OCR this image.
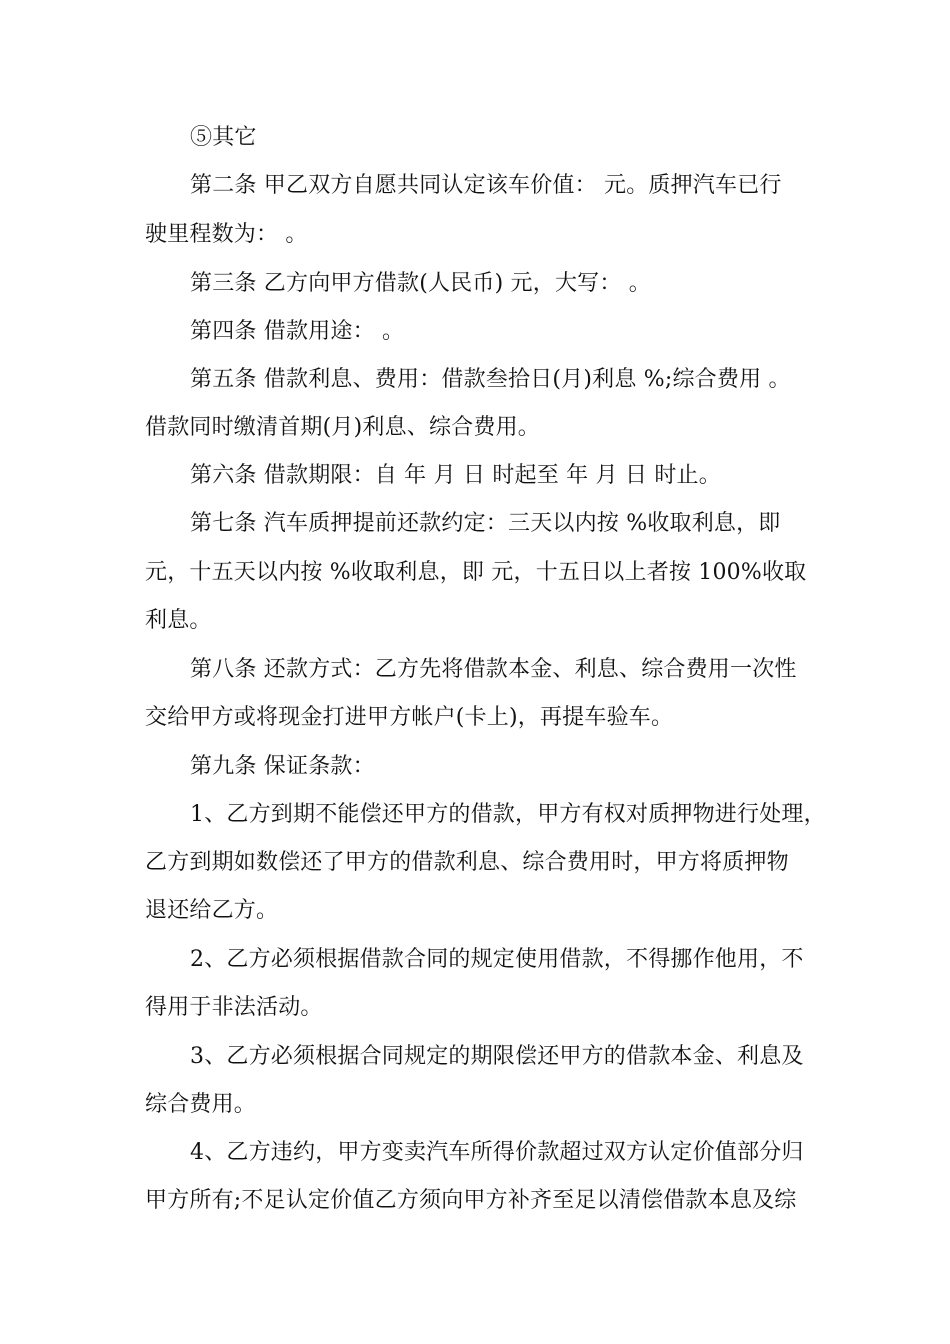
⑤其它
第二条 甲乙双方自愿共同认定该车价值： 元。质押汽车已行
驶里程数为： 。
第三条 乙方向甲方借款(人民币) 元，大写： 。
第四条 借款用途： 。
第五条 借款利息、费用：借款叁拾日(月)利息 %;综合费用 。
借款同时缴清首期(月)利息、综合费用。
第六条 借款期限：自 年 月 日 时起至 年 月 日 时止。
第七条 汽车质押提前还款约定：三天以内按 %收取利息，即
元，十五天以内按 %收取利息，即 元，十五日以上者按 100%收取
利息。
第八条 还款方式：乙方先将借款本金、利息、综合费用一次性
交给甲方或将现金打进甲方帐户(卡上)，再提车验车。
第九条 保证条款：
1、乙方到期不能偿还甲方的借款，甲方有权对质押物进行处理，
乙方到期如数偿还了甲方的借款利息、综合费用时，甲方将质押物
退还给乙方。
2、乙方必须根据借款合同的规定使用借款，不得挪作他用，不
得用于非法活动。
3、乙方必须根据合同规定的期限偿还甲方的借款本金、利息及
综合费用。
4、乙方违约，甲方变卖汽车所得价款超过双方认定价值部分归
甲方所有;不足认定价值乙方须向甲方补齐至足以清偿借款本息及综
